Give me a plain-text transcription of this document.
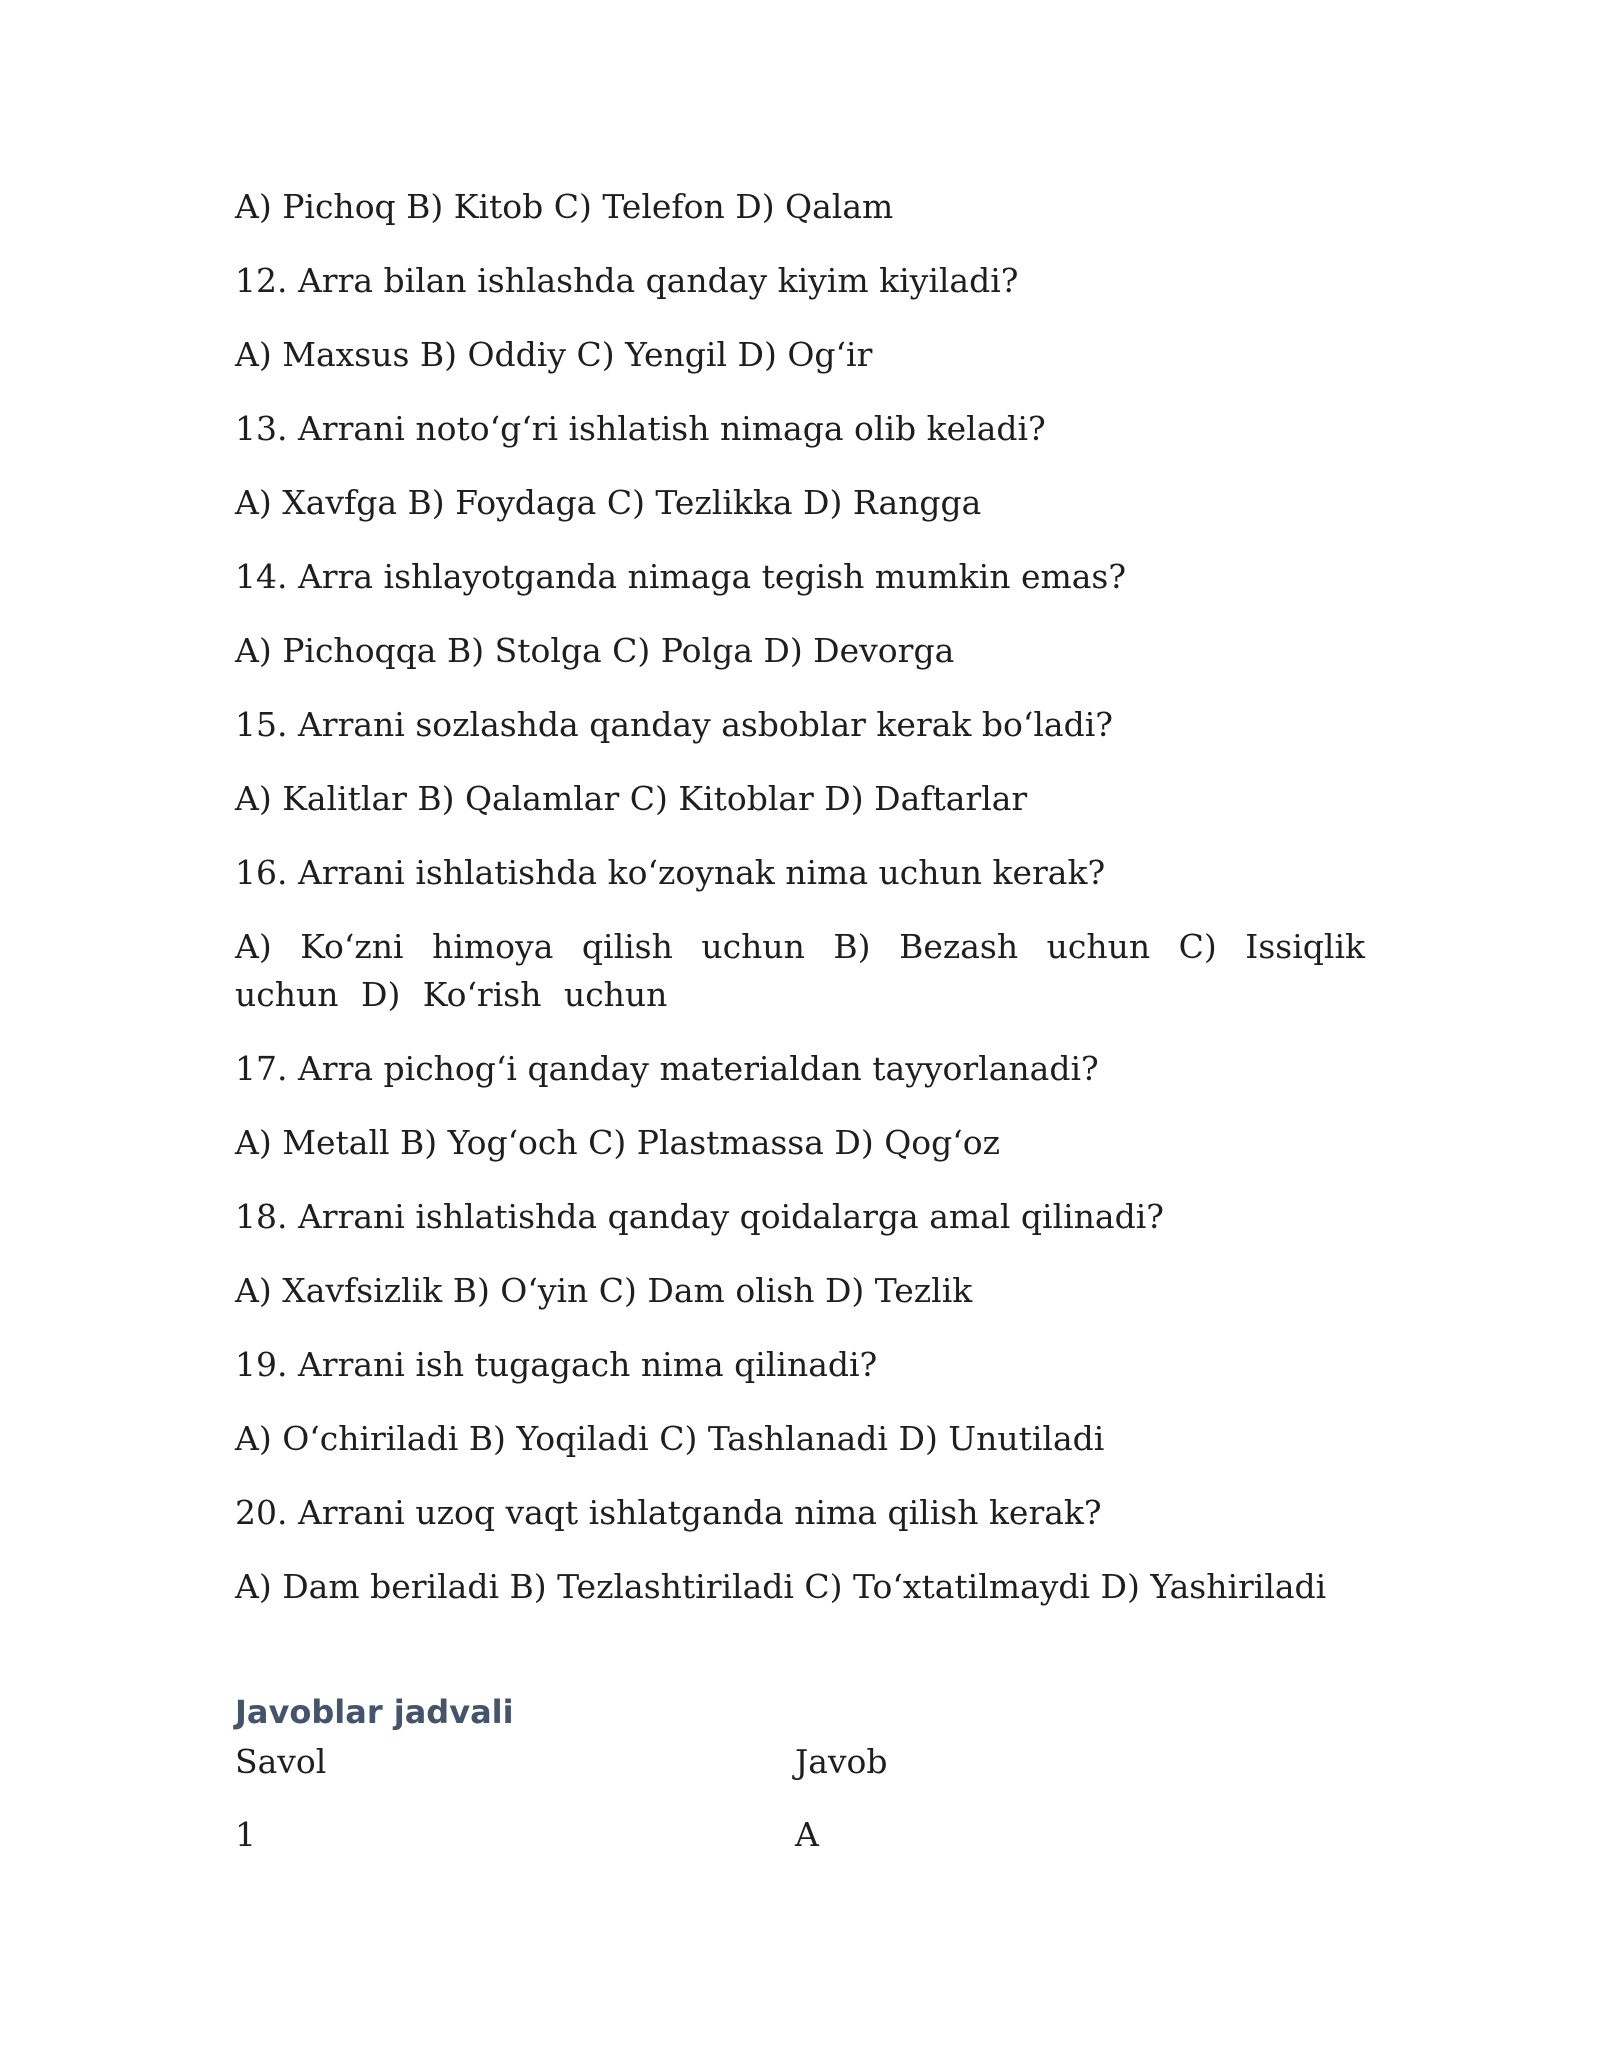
A) Pichoq B) Kitob C) Telefon D) Qalam
12. Arra bilan ishlashda qanday kiyim kiyiladi?
A) Maxsus B) Oddiy C) Yengil D) Og‘ir
13. Arrani noto‘g‘ri ishlatish nimaga olib keladi?
A) Xavfga B) Foydaga C) Tezlikka D) Rangga
14. Arra ishlayotganda nimaga tegish mumkin emas?
A) Pichoqqa B) Stolga C) Polga D) Devorga
15. Arrani sozlashda qanday asboblar kerak bo‘ladi?
A) Kalitlar B) Qalamlar C) Kitoblar D) Daftarlar
16. Arrani ishlatishda ko‘zoynak nima uchun kerak?
A) Ko‘zni himoya qilish uchun B) Bezash uchun C) Issiqlik uchun D) Ko‘rish uchun
17. Arra pichog‘i qanday materialdan tayyorlanadi?
A) Metall B) Yog‘och C) Plastmassa D) Qog‘oz
18. Arrani ishlatishda qanday qoidalarga amal qilinadi?
A) Xavfsizlik B) O‘yin C) Dam olish D) Tezlik
19. Arrani ish tugagach nima qilinadi?
A) O‘chiriladi B) Yoqiladi C) Tashlanadi D) Unutiladi
20. Arrani uzoq vaqt ishlatganda nima qilish kerak?
A) Dam beriladi B) Tezlashtiriladi C) To‘xtatilmaydi D) Yashiriladi
Javoblar jadvali
Savol	Javob
1	A
